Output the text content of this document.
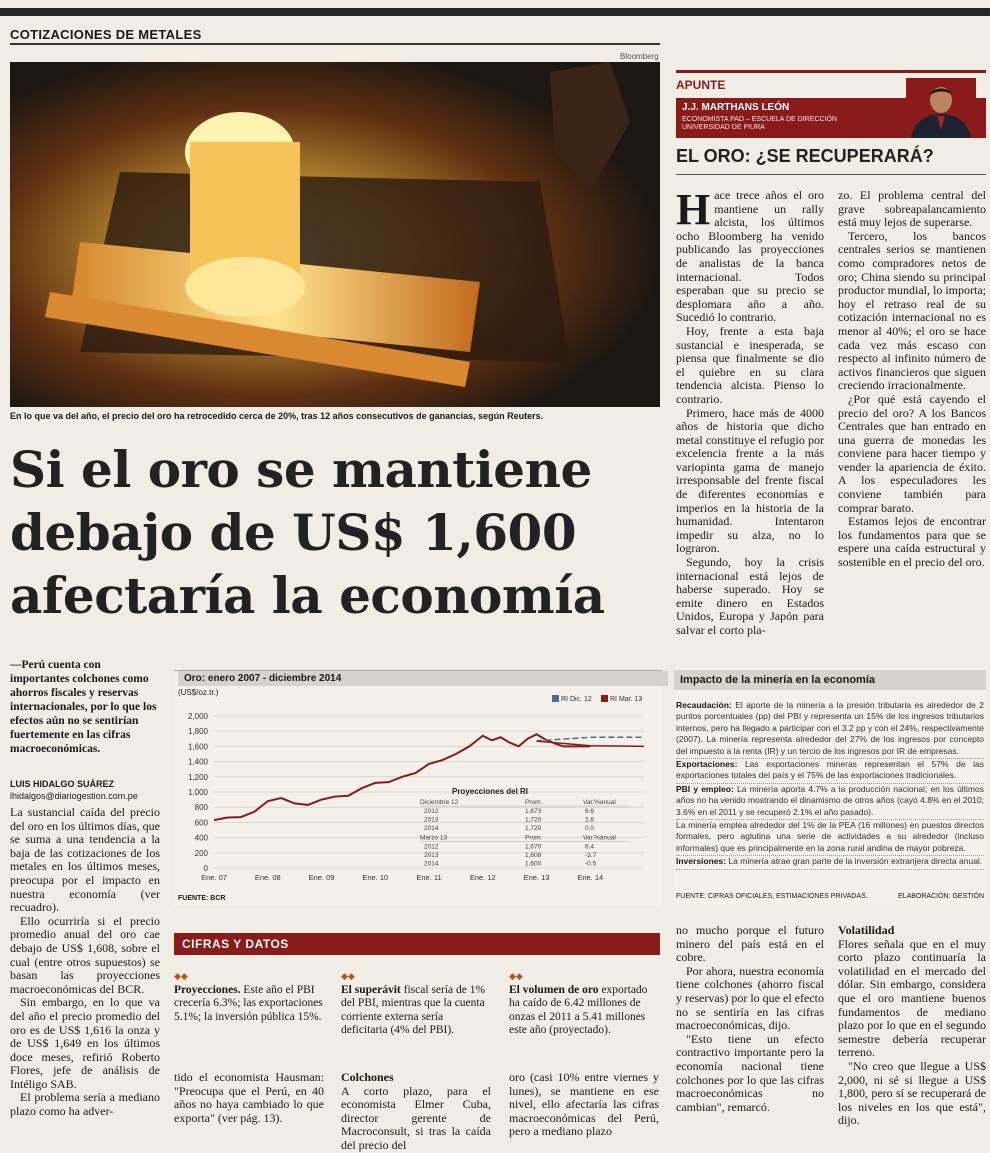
COTIZACIONES DE METALES
Bloomberg
En lo que va del año, el precio del oro ha retrocedido cerca de 20%, tras 12 años consecutivos de ganancias, según Reuters.
Si el oro se mantiene
debajo de US$ 1,600
afectaría la economía
—Perú cuenta con importantes colchones como ahorros fiscales y reservas internacionales, por lo que los efectos aún no se sentirían fuertemente en las cifras macroeconómicas.
LUIS HIDALGO SUÁREZ
lhidalgos@diariogestion.com.pe

La sustancial caída del precio del oro en los últimos días, que se suma a una tendencia a la baja de las cotizaciones de los metales en los últimos meses, preocupa por el impacto en nuestra economía (ver recuadro).

Ello ocurriría si el precio promedio anual del oro cae debajo de US$ 1,608, sobre el cual (entre otros supuestos) se basan las proyecciones macroeconómicas del BCR.

Sin embargo, en lo que va del año el precio promedio del oro es de US$ 1,616 la onza y de US$ 1,649 en los últimos doce meses, refirió Roberto Flores, jefe de análisis de Intéligo SAB.

El problema sería a mediano plazo como ha adver-

Oro: enero 2007 - diciembre 2014
(US$/oz.tr.)
2,000
1,800
1,600
1,400
1,200
1,000
800
600
400
200
0
Ene. 07	Ene. 08	Ene. 09	Ene. 10	Ene. 11	Ene. 12	Ene. 13	Ene. 14
RI Dic. 12	RI Mar. 13
Proyecciones del RI
Diciembre 12	Prom.	Var.%anual
2012	1,673	6.6
2013	1,720	2.8
2014	1,720	0.0
Marzo 13	Prom.	Var.%anual
2012	1,670	6.4
2013	1,608	-3.7
2014	1,600	-0.5
FUENTE: BCR
APUNTE
J.J. MARTHANS LEÓN
ECONOMISTA PAD – ESCUELA DE DIRECCIÓN UNIVERSIDAD DE PIURA
EL ORO: ¿SE RECUPERARÁ?

Hace trece años el oro mantiene un rally alcista, los últimos ocho Bloomberg ha venido publicando las proyecciones de analistas de la banca internacional. Todos esperaban que su precio se desplomara año a año. Sucedió lo contrario.

Hoy, frente a esta baja sustancial e inesperada, se piensa que finalmente se dio el quiebre en su clara tendencia alcista. Pienso lo contrario.

Primero, hace más de 4000 años de historia que dicho metal constituye el refugio por excelencia frente a la más variopinta gama de manejo irresponsable del frente fiscal de diferentes economías e imperios en la historia de la humanidad. Intentaron impedir su alza, no lo lograron.

Segundo, hoy la crisis internacional está lejos de haberse superado. Hoy se emite dinero en Estados Unidos, Europa y Japón para salvar el corto pla-

zo. El problema central del grave sobreapalancamiento está muy lejos de superarse.

Tercero, los bancos centrales serios se mantienen como compradores netos de oro; China siendo su principal productor mundial, lo importa; hoy el retraso real de su cotización internacional no es menor al 40%; el oro se hace cada vez más escaso con respecto al infinito número de activos financieros que siguen creciendo irracionalmente.

¿Por qué está cayendo el precio del oro? A los Bancos Centrales que han entrado en una guerra de monedas les conviene para hacer tiempo y vender la apariencia de éxito. A los especuladores les conviene también para comprar barato.

Estamos lejos de encontrar los fundamentos para que se espere una caída estructural y sostenible en el precio del oro.

Impacto de la minería en la economía
Recaudación: El aporte de la minería a la presión tributaria es alrededor de 2 puntos porcentuales (pp) del PBI y representa un 15% de los ingresos tributarios internos, pero ha llegado a participar con el 3.2 pp y con el 24%, respectivamente (2007). La minería representa alrededor del 27% de los ingresos por concepto del impuesto a la renta (IR) y un tercio de los ingresos por IR de empresas.
Exportaciones: Las exportaciones mineras representan el 57% de las exportaciones totales del país y el 75% de las exportaciones tradicionales.
PBI y empleo: La minería aporta 4.7% a la producción nacional; en los últimos años no ha venido mostrando el dinamismo de otros años (cayó 4.8% en el 2010; 3.6% en el 2011 y se recuperó 2.1% el año pasado).
La minería emplea alrededor del 1% de la PEA (16 millones) en puestos directos formales, pero aglutina una serie de actividades a su alrededor (incluso informales) que es principalmente en la zona rural andina de mayor pobreza.
Inversiones: La minería atrae gran parte de la inversión extranjera directa anual.
FUENTE: CIFRAS OFICIALES, ESTIMACIONES PRIVADAS.	ELABORACIÓN: GESTIÓN
CIFRAS Y DATOS
◆◆
Proyecciones. Este año el PBI crecería 6.3%; las exportaciones 5.1%; la inversión pública 15%.
◆◆
El superávit fiscal sería de 1% del PBI, mientras que la cuenta corriente externa sería deficitaria (4% del PBI).
◆◆
El volumen de oro exportado ha caído de 6.42 millones de onzas el 2011 a 5.41 millones este año (proyectado).

tido el economista Hausman: "Preocupa que el Perú, en 40 años no haya cambiado lo que exporta" (ver pág. 13).

Colchones

A corto plazo, para el economista Elmer Cuba, director gerente de Macroconsult, si tras la caída del precio del

oro (casi 10% entre viernes y lunes), se mantiene en ese nivel, ello afectaría las cifras macroeconómicas del Perú, pero a mediano plazo

no mucho porque el futuro minero del país está en el cobre.

Por ahora, nuestra economía tiene colchones (ahorro fiscal y reservas) por lo que el efecto no se sentiría en las cifras macroeconómicas, dijo.

"Esto tiene un efecto contractivo importante pero la economía nacional tiene colchones por lo que las cifras macroeconómicas no cambian", remarcó.

Volatilidad

Flores señala que en el muy corto plazo continuaría la volatilidad en el mercado del dólar. Sin embargo, considera que el oro mantiene buenos fundamentos de mediano plazo por lo que en el segundo semestre debería recuperar terreno.

"No creo que llegue a US$ 2,000, ni sé si llegue a US$ 1,800, pero sí se recuperará de los niveles en los que está", dijo.
